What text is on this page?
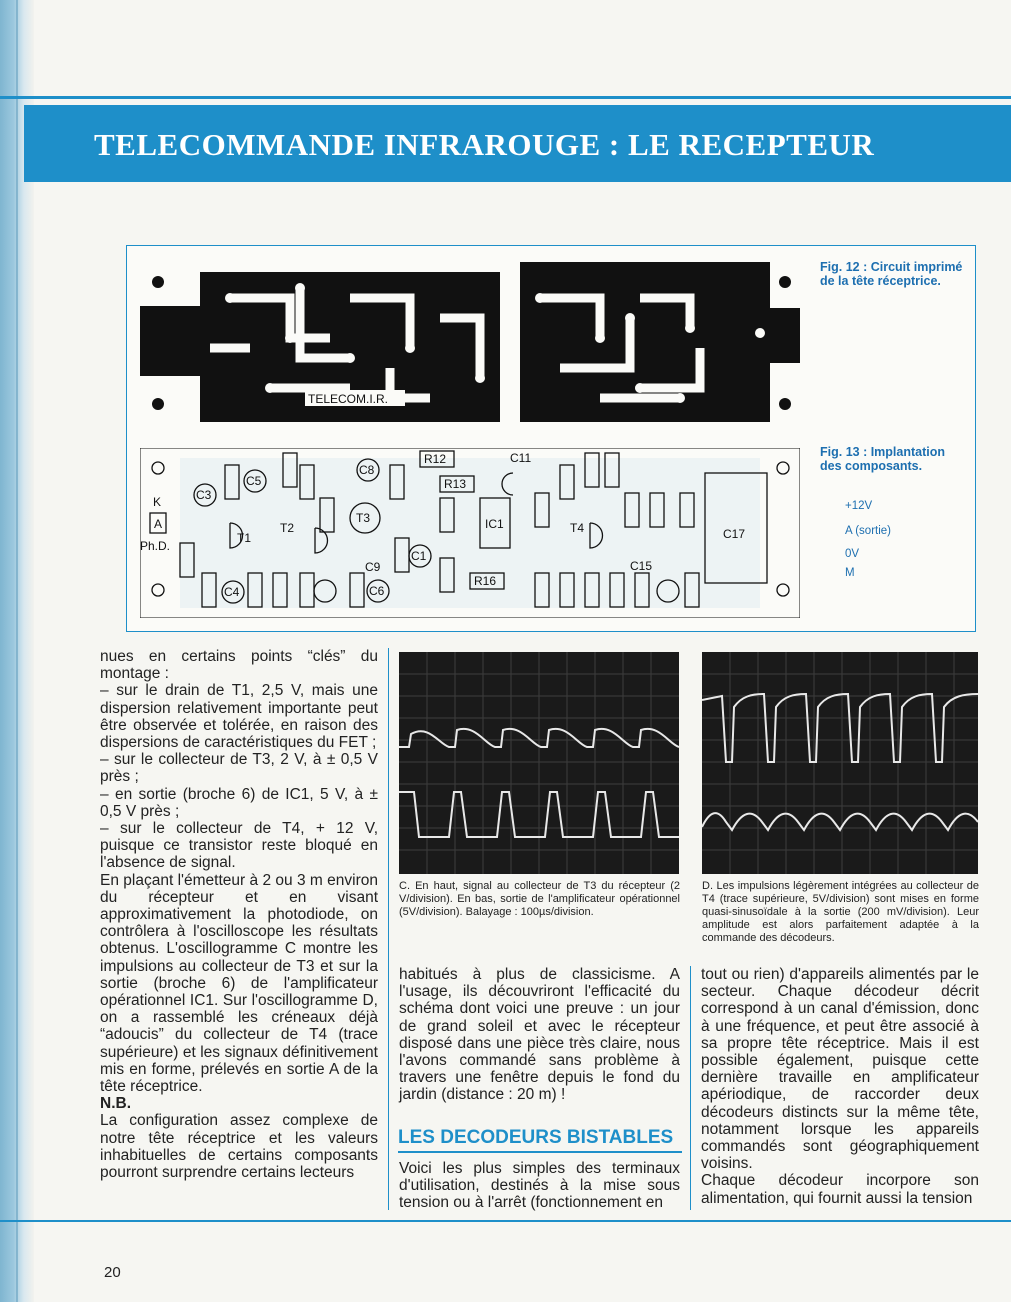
TELECOMMANDE INFRAROUGE : LE RECEPTEUR
TELECOM.I.R.
R12
R13
R16
C11
C17
C1
C3
C4
C5
C6
C8
C9	C15
T1
T2
T3
T4
IC1
Ph.D.
K
A
Fig. 12 : Circuit imprimé de la tête réceptrice.
Fig. 13 : Implantation des composants.
+12V
A (sortie)
0V
M

nues en certains points “clés” du montage :

– sur le drain de T1, 2,5 V, mais une dispersion relativement importante peut être observée et tolérée, en raison des dispersions de caractéristiques du FET ;

– sur le collecteur de T3, 2 V, à ± 0,5 V près ;

– en sortie (broche 6) de IC1, 5 V, à ± 0,5 V près ;

– sur le collecteur de T4, + 12 V, puisque ce transistor reste bloqué en l'absence de signal.

En plaçant l'émetteur à 2 ou 3 m environ du récepteur et en visant approximativement la photodiode, on contrôlera à l'oscilloscope les résultats obtenus. L'oscillogramme C montre les impulsions au collecteur de T3 et sur la sortie (broche 6) de l'amplificateur opérationnel IC1. Sur l'oscillogramme D, on a rassemblé les créneaux déjà “adoucis” du collecteur de T4 (trace supérieure) et les signaux définitivement mis en forme, prélevés en sortie A de la tête réceptrice.

N.B.

La configuration assez complexe de notre tête réceptrice et les valeurs inhabituelles de certains composants pourront surprendre certains lecteurs

C. En haut, signal au collecteur de T3 du récepteur (2 V/division). En bas, sortie de l'amplificateur opérationnel (5V/division). Balayage : 100µs/division.
D. Les impulsions légèrement intégrées au collecteur de T4 (trace supérieure, 5V/division) sont mises en forme quasi-sinusoïdale à la sortie (200 mV/division). Leur amplitude est alors parfaitement adaptée à la commande des décodeurs.

habitués à plus de classicisme. A l'usage, ils découvriront l'efficacité du schéma dont voici une preuve : un jour de grand soleil et avec le récepteur disposé dans une pièce très claire, nous l'avons commandé sans problème à travers une fenêtre depuis le fond du jardin (distance : 20 m) !

LES DECODEURS BISTABLES

Voici les plus simples des terminaux d'utilisation, destinés à la mise sous tension ou à l'arrêt (fonctionnement en

tout ou rien) d'appareils alimentés par le secteur. Chaque décodeur décrit correspond à un canal d'émission, donc à une fréquence, et peut être associé à sa propre tête réceptrice. Mais il est possible également, puisque cette dernière travaille en amplificateur apériodique, de raccorder deux décodeurs distincts sur la même tête, notamment lorsque les appareils commandés sont géographiquement voisins.

Chaque décodeur incorpore son alimentation, qui fournit aussi la tension

20
